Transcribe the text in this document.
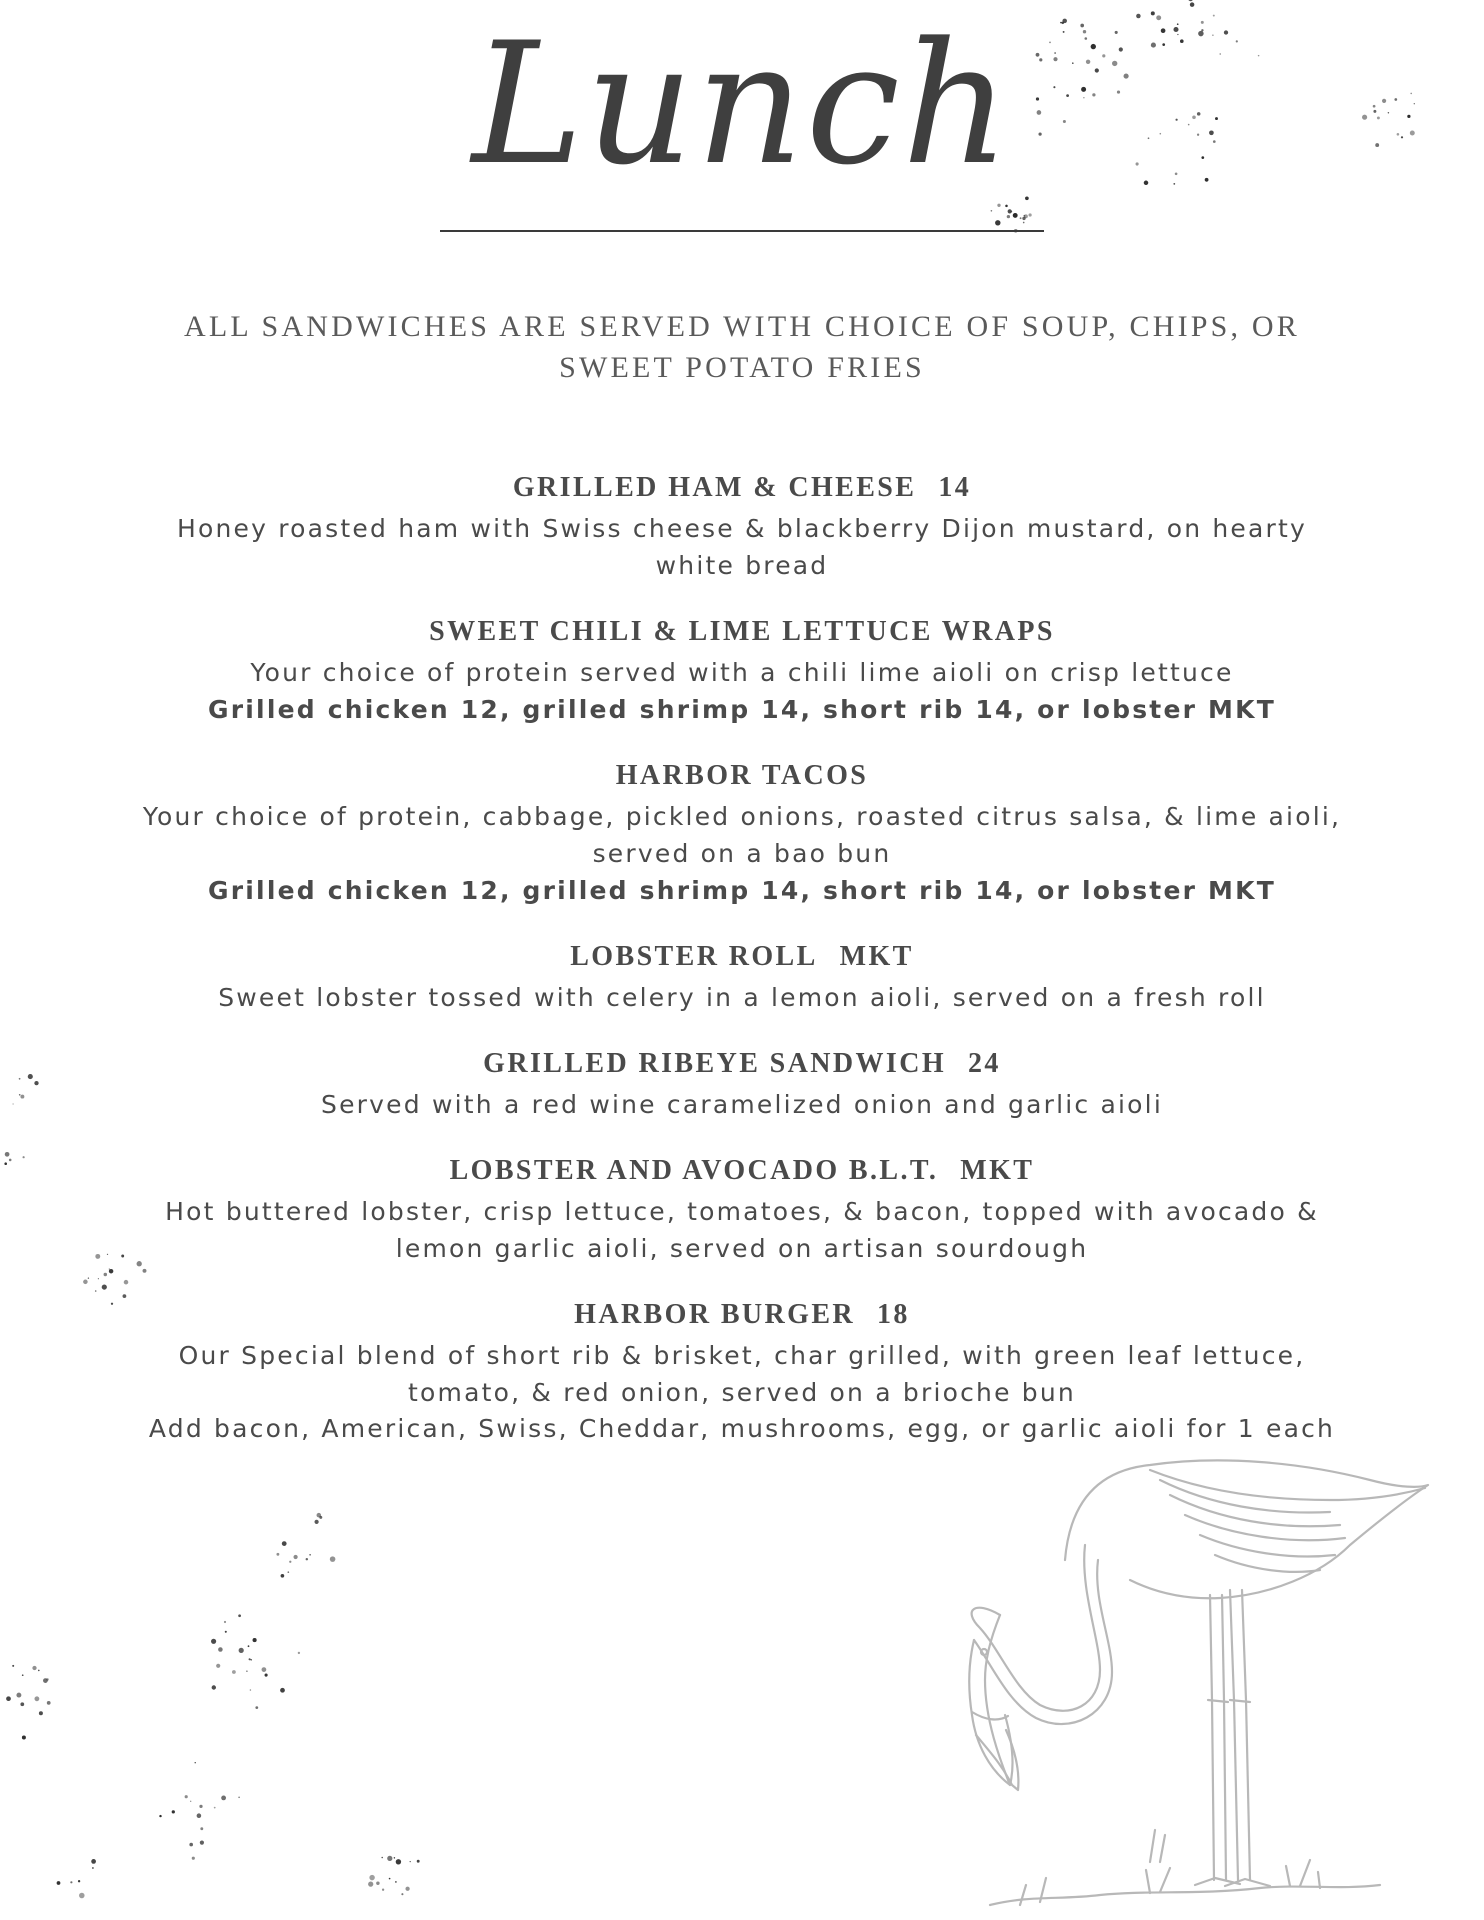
Lunch
ALL SANDWICHES ARE SERVED WITH CHOICE OF SOUP, CHIPS, OR SWEET POTATO FRIES
GRILLED HAM & CHEESE 14
Honey roasted ham with Swiss cheese & blackberry Dijon mustard, on hearty white bread
SWEET CHILI & LIME LETTUCE WRAPS
Your choice of protein served with a chili lime aioli on crisp lettuce
Grilled chicken 12, grilled shrimp 14, short rib 14, or lobster MKT
HARBOR TACOS
Your choice of protein, cabbage, pickled onions, roasted citrus salsa, & lime aioli, served on a bao bun
Grilled chicken 12, grilled shrimp 14, short rib 14, or lobster MKT
LOBSTER ROLL MKT
Sweet lobster tossed with celery in a lemon aioli, served on a fresh roll
GRILLED RIBEYE SANDWICH 24
Served with a red wine caramelized onion and garlic aioli
LOBSTER AND AVOCADO B.L.T. MKT
Hot buttered lobster, crisp lettuce, tomatoes, & bacon, topped with avocado & lemon garlic aioli, served on artisan sourdough
HARBOR BURGER 18
Our Special blend of short rib & brisket, char grilled, with green leaf lettuce, tomato, & red onion, served on a brioche bun
Add bacon, American, Swiss, Cheddar, mushrooms, egg, or garlic aioli for 1 each
